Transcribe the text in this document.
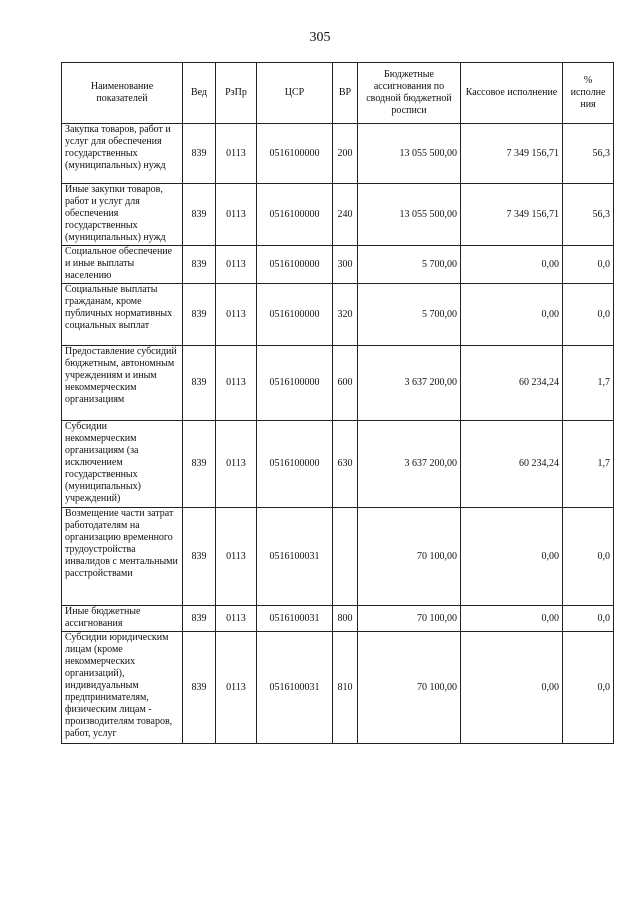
305
Наименование показателей	Вед	РзПр	ЦСР	ВР	Бюджетные ассигнования по сводной бюджетной росписи	Кассовое исполнение	% исполне ния
Закупка товаров, работ и услуг для обеспечения государственных (муниципальных) нужд	839	0113	0516100000	200	13 055 500,00	7 349 156,71	56,3
Иные закупки товаров, работ и услуг для обеспечения государственных (муниципальных) нужд	839	0113	0516100000	240	13 055 500,00	7 349 156,71	56,3
Социальное обеспечение и иные выплаты населению	839	0113	0516100000	300	5 700,00	0,00	0,0
Социальные выплаты гражданам, кроме публичных нормативных социальных выплат	839	0113	0516100000	320	5 700,00	0,00	0,0
Предоставление субсидий бюджетным, автономным учреждениям и иным некоммерческим организациям	839	0113	0516100000	600	3 637 200,00	60 234,24	1,7
Субсидии некоммерческим организациям (за исключением государственных (муниципальных) учреждений)	839	0113	0516100000	630	3 637 200,00	60 234,24	1,7
Возмещение части затрат работодателям на организацию временного трудоустройства инвалидов с ментальными расстройствами	839	0113	0516100031		70 100,00	0,00	0,0
Иные бюджетные ассигнования	839	0113	0516100031	800	70 100,00	0,00	0,0
Субсидии юридическим лицам (кроме некоммерческих организаций), индивидуальным предпринимателям, физическим лицам - производителям товаров, работ, услуг	839	0113	0516100031	810	70 100,00	0,00	0,0
